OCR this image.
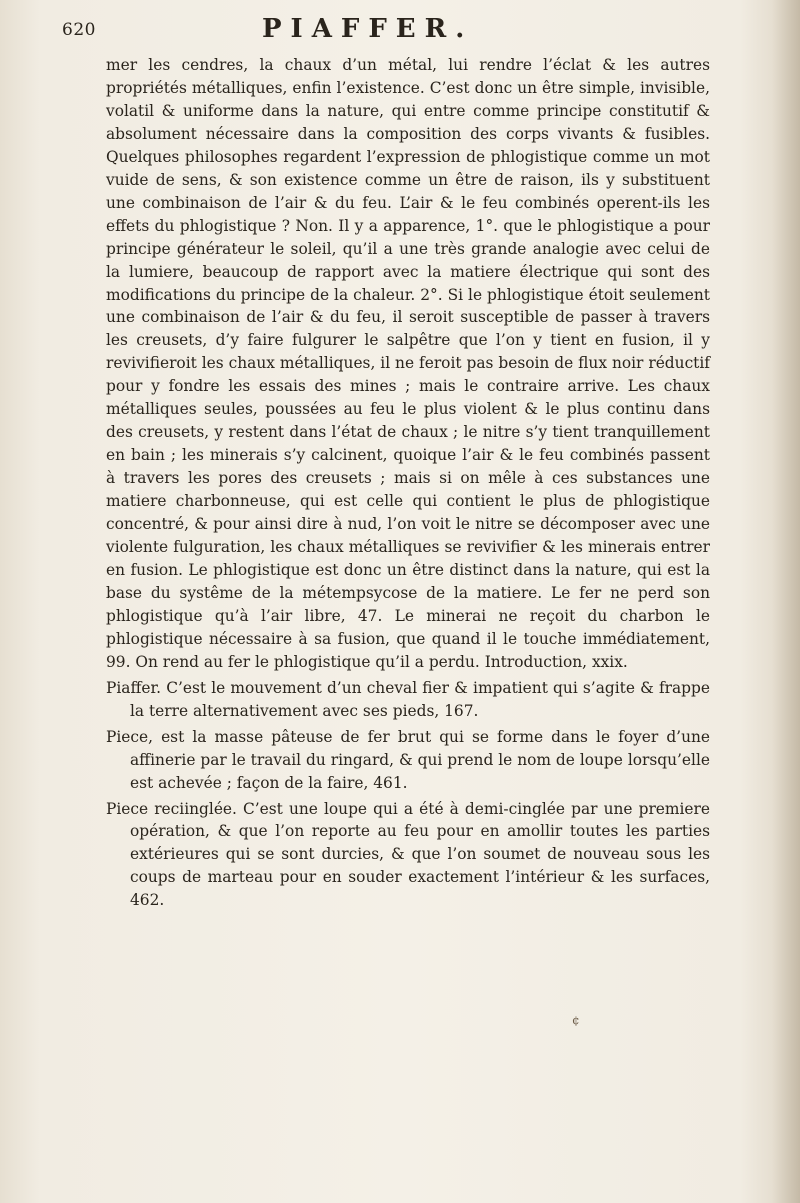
620	PIAFFER.

mer les cendres, la chaux d’un métal, lui rendre l’éclat & les autres propriétés métalliques, enfin l’existence. C’est donc un être simple, invisible, volatil & uniforme dans la nature, qui entre comme principe constitutif & absolument nécessaire dans la composition des corps vivants & fusibles. Quelques philosophes regardent l’expression de phlogistique comme un mot vuide de sens, & son existence comme un être de raison, ils y substituent une combinaison de l’air & du feu. L’air & le feu combinés operent-ils les effets du phlogistique ? Non. Il y a apparence, 1°. que le phlogistique a pour principe générateur le soleil, qu’il a une très grande analogie avec celui de la lumiere, beaucoup de rapport avec la matiere électrique qui sont des modifications du principe de la chaleur. 2°. Si le phlogistique étoit seulement une combinaison de l’air & du feu, il seroit susceptible de passer à travers les creusets, d’y faire fulgurer le salpêtre que l’on y tient en fusion, il y revivifieroit les chaux métalliques, il ne feroit pas besoin de flux noir réductif pour y fondre les essais des mines ; mais le contraire arrive. Les chaux métalliques seules, poussées au feu le plus violent & le plus continu dans des creusets, y restent dans l’état de chaux ; le nitre s’y tient tranquillement en bain ; les minerais s’y calcinent, quoique l’air & le feu combinés passent à travers les pores des creusets ; mais si on mêle à ces substances une matiere charbonneuse, qui est celle qui contient le plus de phlogistique concentré, & pour ainsi dire à nud, l’on voit le nitre se décomposer avec une violente fulguration, les chaux métalliques se revivifier & les minerais entrer en fusion. Le phlogistique est donc un être distinct dans la nature, qui est la base du systême de la métempsycose de la matiere. Le fer ne perd son phlogistique qu’à l’air libre, 47. Le minerai ne reçoit du charbon le phlogistique nécessaire à sa fusion, que quand il le touche immédiatement, 99. On rend au fer le phlogistique qu’il a perdu. Introduction, xxix.

Piaffer. C’est le mouvement d’un cheval fier & impatient qui s’agite & frappe la terre alternativement avec ses pieds, 167.

Piece, est la masse pâteuse de fer brut qui se forme dans le foyer d’une affinerie par le travail du ringard, & qui prend le nom de loupe lorsqu’elle est achevée ; façon de la faire, 461.

Piece reciinglée. C’est une loupe qui a été à demi-cinglée par une premiere opération, & que l’on reporte au feu pour en amollir toutes les parties extérieures qui se sont durcies, & que l’on soumet de nouveau sous les coups de marteau pour en souder exactement l’intérieur & les surfaces, 462.

¢
